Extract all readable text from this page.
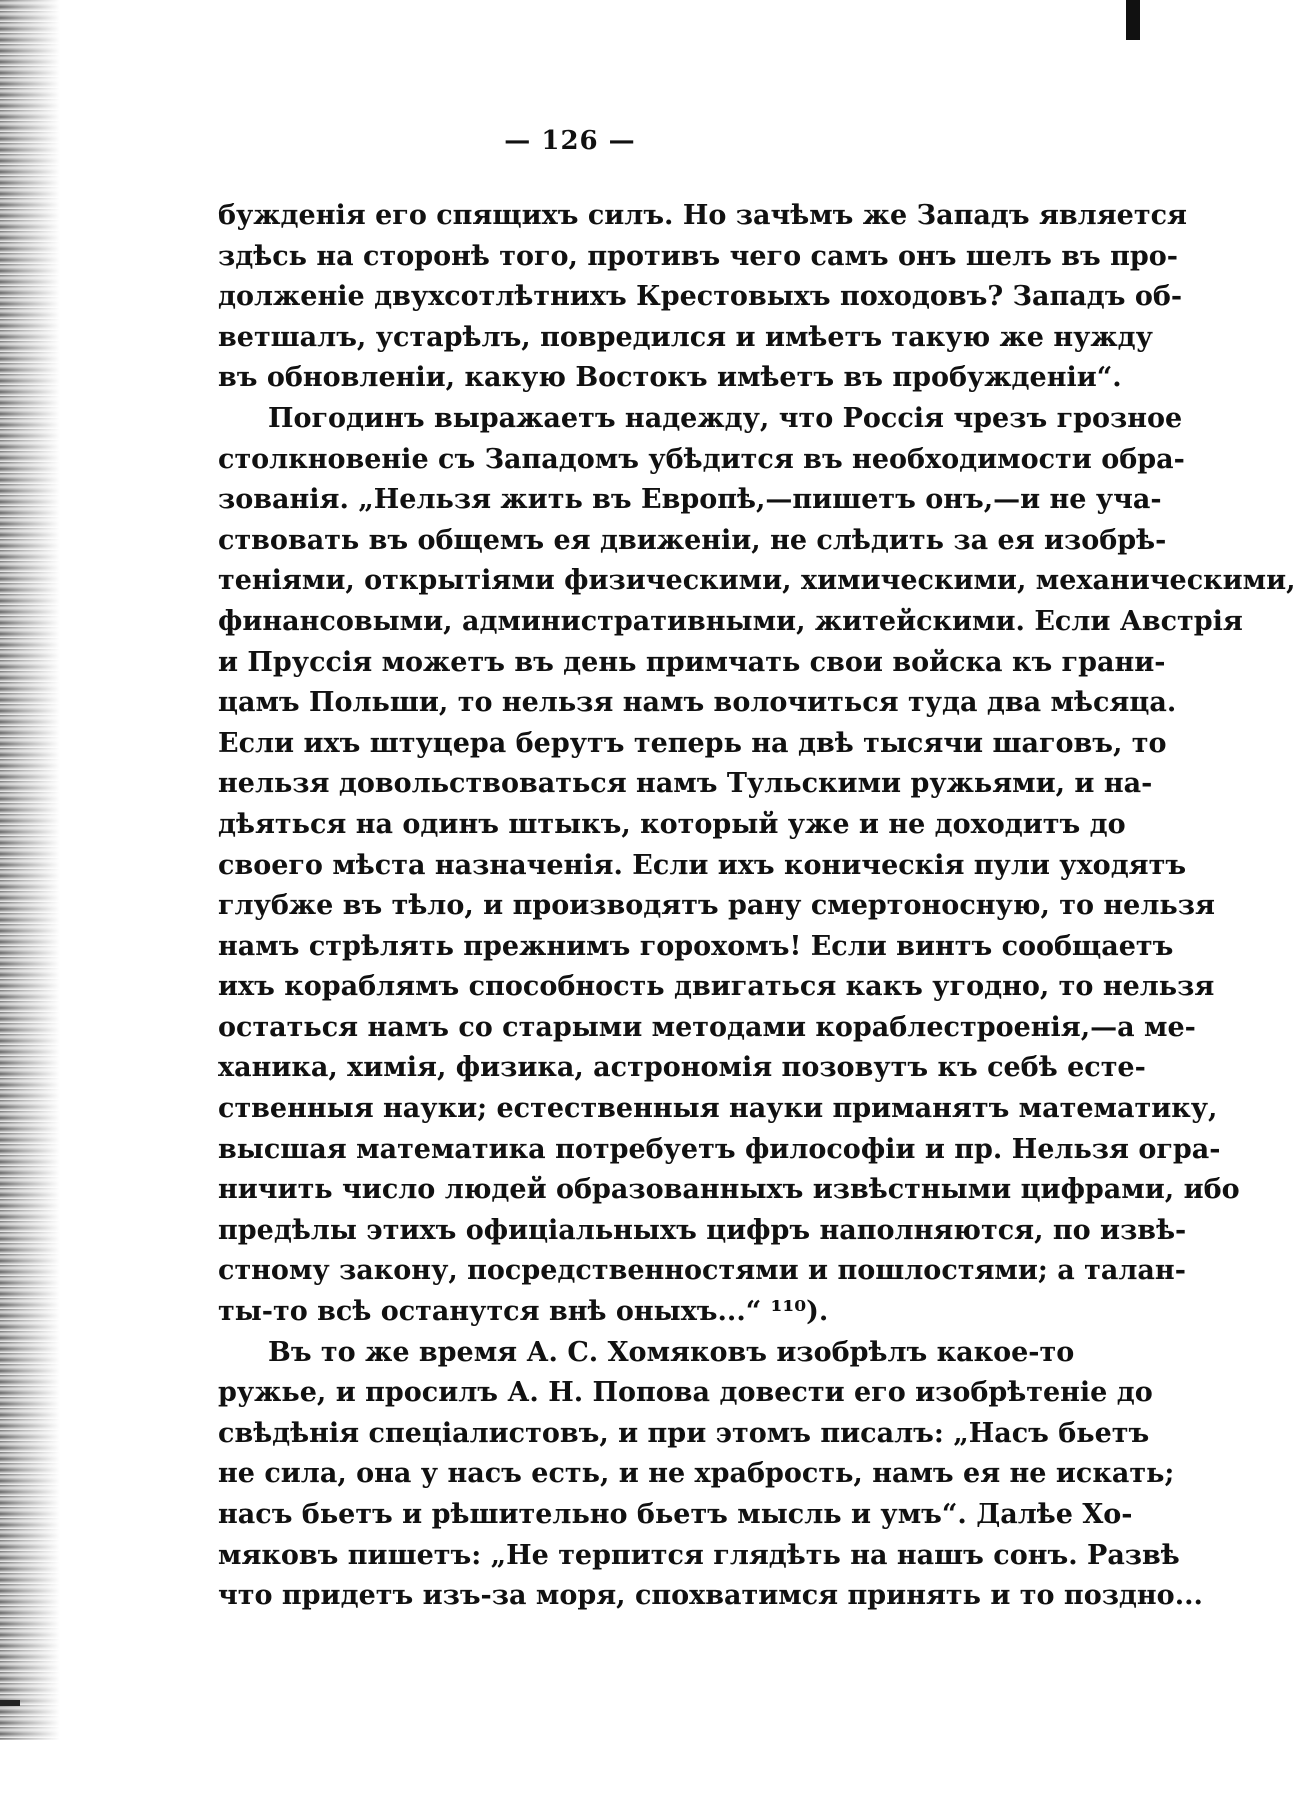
— 126 —
бужденія его спящихъ силъ. Но зачѣмъ же Западъ является
здѣсь на сторонѣ того, противъ чего самъ онъ шелъ въ про-
долженіе двухсотлѣтнихъ Крестовыхъ походовъ? Западъ об-
ветшалъ, устарѣлъ, повредился и имѣетъ такую же нужду
въ обновленіи, какую Востокъ имѣетъ въ пробужденіи“.
Погодинъ выражаетъ надежду, что Россія чрезъ грозное
столкновеніе съ Западомъ убѣдится въ необходимости обра-
зованія. „Нельзя жить въ Европѣ,—пишетъ онъ,—и не уча-
ствовать въ общемъ ея движеніи, не слѣдить за ея изобрѣ-
теніями, открытіями физическими, химическими, механическими,
финансовыми, административными, житейскими. Если Австрія
и Пруссія можетъ въ день примчать свои войска къ грани-
цамъ Польши, то нельзя намъ волочиться туда два мѣсяца.
Если ихъ штуцера берутъ теперь на двѣ тысячи шаговъ, то
нельзя довольствоваться намъ Тульскими ружьями, и на-
дѣяться на одинъ штыкъ, который уже и не доходитъ до
своего мѣста назначенія. Если ихъ коническія пули уходятъ
глубже въ тѣло, и производятъ рану смертоносную, то нельзя
намъ стрѣлять прежнимъ горохомъ! Если винтъ сообщаетъ
ихъ кораблямъ способность двигаться какъ угодно, то нельзя
остаться намъ со старыми методами кораблестроенія,—а ме-
ханика, химія, физика, астрономія позовутъ къ себѣ есте-
ственныя науки; естественныя науки приманятъ математику,
высшая математика потребуетъ философіи и пр. Нельзя огра-
ничить число людей образованныхъ извѣстными цифрами, ибо
предѣлы этихъ офиціальныхъ цифръ наполняются, по извѣ-
стному закону, посредственностями и пошлостями; а талан-
ты-то всѣ останутся внѣ оныхъ...“ ¹¹⁰).
Въ то же время А. С. Хомяковъ изобрѣлъ какое-то
ружье, и просилъ А. Н. Попова довести его изобрѣтеніе до
свѣдѣнія спеціалистовъ, и при этомъ писалъ: „Насъ бьетъ
не сила, она у насъ есть, и не храбрость, намъ ея не искать;
насъ бьетъ и рѣшительно бьетъ мысль и умъ“. Далѣе Хо-
мяковъ пишетъ: „Не терпится глядѣть на нашъ сонъ. Развѣ
что придетъ изъ-за моря, спохватимся принять и то поздно...
